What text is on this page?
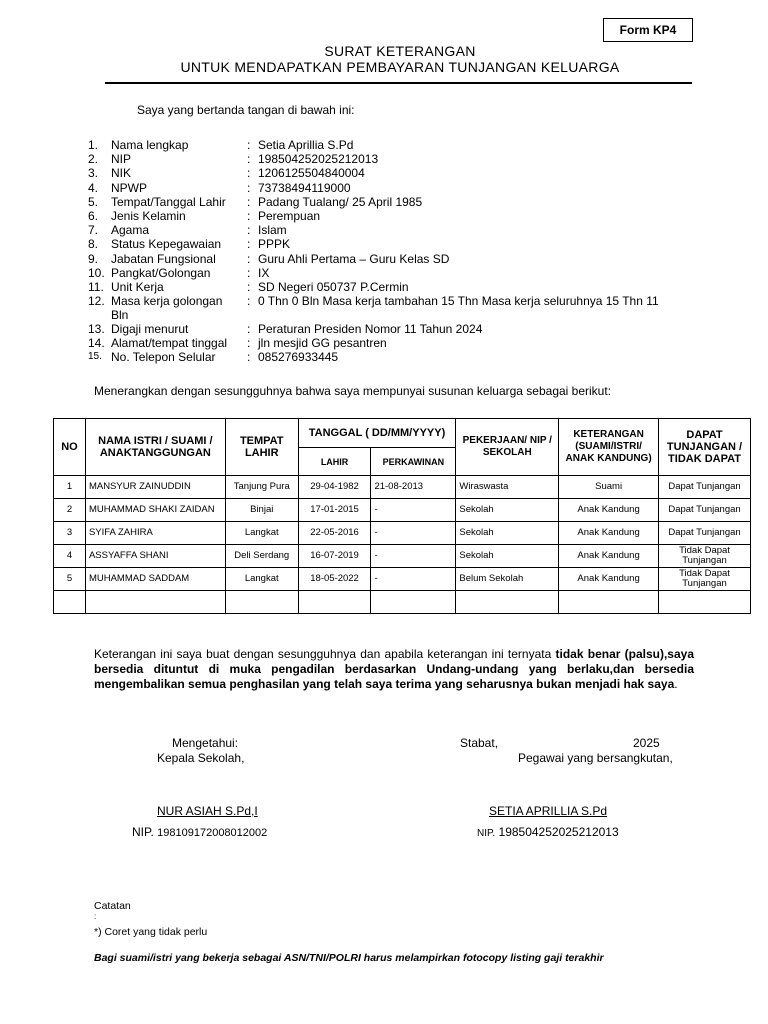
Form KP4
SURAT KETERANGAN
UNTUK MENDAPATKAN PEMBAYARAN TUNJANGAN KELUARGA
Saya yang bertanda tangan di bawah ini:
1.	Nama lengkap	: Setia Aprillia S.Pd
2.	NIP	: 198504252025212013
3.	NIK	: 1206125504840004
4.	NPWP	: 73738494119000
5.	Tempat/Tanggal Lahir	: Padang Tualang/ 25 April 1985
6.	Jenis Kelamin	: Perempuan
7.	Agama	: Islam
8.	Status Kepegawaian	: PPPK
9.	Jabatan Fungsional	: Guru Ahli Pertama – Guru Kelas SD
10. Pangkat/Golongan	: IX
11. Unit Kerja	: SD Negeri 050737 P.Cermin
12. Masa kerja golongan	: 0 Thn 0 Bln Masa kerja tambahan 15 Thn Masa kerja seluruhnya 15 Thn 11
Bln
13. Digaji menurut	: Peraturan Presiden Nomor 11 Tahun 2024
14. Alamat/tempat tinggal	: jln mesjid GG pesantren
15. No. Telepon Selular	: 085276933445
Menerangkan dengan sesungguhnya bahwa saya mempunyai susunan keluarga sebagai berikut:
NO	NAMA ISTRI / SUAMI / ANAKTANGGUNGAN	TEMPAT LAHIR	TANGGAL ( DD/MM/YYYY)		PEKERJAAN/ NIP / SEKOLAH	KETERANGAN (SUAMI/ISTRI/ ANAK KANDUNG)	DAPAT TUNJANGAN / TIDAK DAPAT
			LAHIR	PERKAWINAN			
1	MANSYUR ZAINUDDIN	Tanjung Pura	29-04-1982	21-08-2013	Wiraswasta	Suami	Dapat Tunjangan
2	MUHAMMAD SHAKI ZAIDAN	Binjai	17-01-2015	-	Sekolah	Anak Kandung	Dapat Tunjangan
3	SYIFA ZAHIRA	Langkat	22-05-2016	-	Sekolah	Anak Kandung	Dapat Tunjangan
4	ASSYAFFA SHANI	Deli Serdang	16-07-2019	-	Sekolah	Anak Kandung	Tidak Dapat Tunjangan
5	MUHAMMAD SADDAM	Langkat	18-05-2022	-	Belum Sekolah	Anak Kandung	Tidak Dapat Tunjangan

Keterangan ini saya buat dengan sesungguhnya dan apabila keterangan ini ternyata tidak benar (palsu),saya bersedia dituntut di muka pengadilan berdasarkan Undang-undang yang berlaku,dan bersedia mengembalikan semua penghasilan yang telah saya terima yang seharusnya bukan menjadi hak saya.
Mengetahui:
Kepala Sekolah,
NUR ASIAH S.Pd,I
NIP. 198109172008012002
Stabat,	2025
Pegawai yang bersangkutan,
SETIA APRILLIA S.Pd
NIP. 198504252025212013
Catatan
:
*) Coret yang tidak perlu
Bagi suami/istri yang bekerja sebagai ASN/TNI/POLRI harus melampirkan fotocopy listing gaji terakhir
